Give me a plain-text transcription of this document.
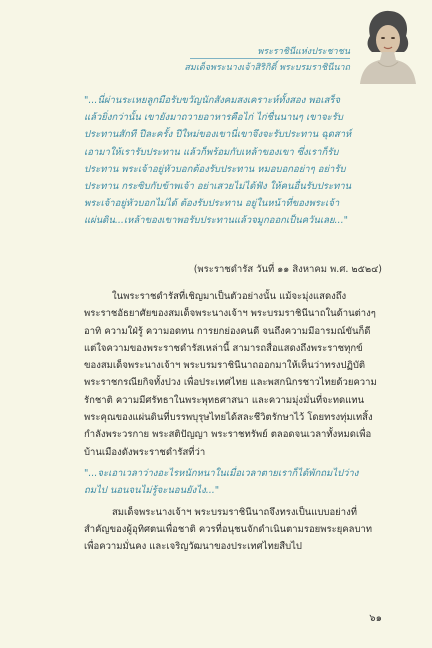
พระราชินีแห่งประชาชน
สมเด็จพระนางเจ้าสิริกิติ์ พระบรมราชินีนาถ

"...นี่ผ่านระเหยลูกมือรับขวัญนักสังคมสงเคราะห์ทั้งสอง พอเสร็จ

แล้วยิ่งกว่านั้น เขายังมาถวายอาหารคือไก่ ไก่ชื่นนานๆ เขาจะรับ

ประทานสักที ปีละครั้ง ปีใหม่ของเขานี่เขาจึงจะรับประทาน ฉุดสาห์

เอามาให้เรารับประทาน แล้วก็พร้อมกับเหล้าของเขา ซึ่งเราก็รับ

ประทาน พระเจ้าอยู่หัวบอกต้องรับประทาน หมอบอกอย่าๆ อย่ารับ

ประทาน กระซิบกับข้าพเจ้า อย่าเสวยไม่ได้ฟัง ให้คนอื่นรับประทาน

พระเจ้าอยู่หัวบอกไม่ได้ ต้องรับประทาน อยู่ในหน้าที่ของพระเจ้า

แผ่นดิน...เหล้าของเขาพอรับประทานแล้วจมูกออกเป็นควันเลย..."

(พระราชดำรัส วันที่ ๑๑ สิงหาคม พ.ศ. ๒๕๒๔)

ในพระราชดำรัสที่เชิญมาเป็นตัวอย่างนั้น แม้จะมุ่งแสดงถึง

พระราชอัธยาศัยของสมเด็จพระนางเจ้าฯ พระบรมราชินีนาถในด้านต่างๆ

อาทิ ความใฝ่รู้ ความอดทน การยกย่องคนดี จนถึงความมีอารมณ์ขันก็ดี

แต่ใจความของพระราชดำรัสเหล่านี้ สามารถสื่อแสดงถึงพระราชทุกข์

ของสมเด็จพระนางเจ้าฯ พระบรมราชินีนาถออกมาให้เห็นว่าทรงปฏิบัติ

พระราชกรณียกิจทั้งปวง เพื่อประเทศไทย และพสกนิกรชาวไทยด้วยความ

รักชาติ ความมีศรัทธาในพระพุทธศาสนา และความมุ่งมั่นที่จะทดแทน

พระคุณของแผ่นดินที่บรรพบุรุษไทยได้สละชีวิตรักษาไว้ โดยทรงทุ่มเทสิ้ง

กำลังพระวรกาย พระสติปัญญา พระราชทรัพย์ ตลอดจนเวลาทั้งหมดเพื่อ

บ้านเมืองดังพระราชดำรัสที่ว่า

"...จะเอาเวลาว่างอะไรหนักหนาในเมื่อเวลาตายเราก็ได้พักถมไปว่าง

ถมไป นอนจนไม่รู้จะนอนยังไง..."

สมเด็จพระนางเจ้าฯ พระบรมราชินีนาถจึงทรงเป็นแบบอย่างที่

สำคัญของผู้อุทิศตนเพื่อชาติ ควรที่อนุชนจักดำเนินตามรอยพระยุคลบาท

เพื่อความมั่นคง และเจริญวัฒนาของประเทศไทยสืบไป

๖๑
